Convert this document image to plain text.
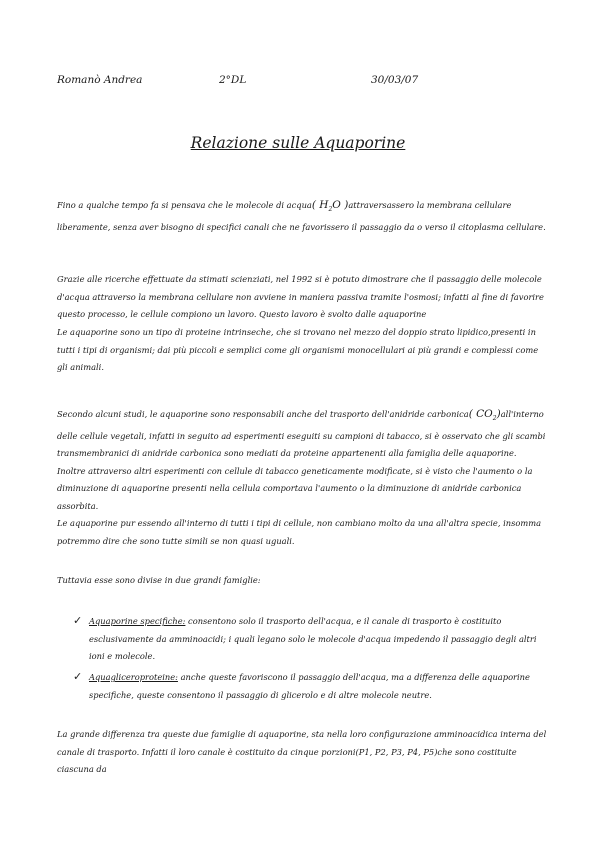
Romanò Andrea	2°DL	30/03/07
Relazione sulle Aquaporine

Fino a qualche tempo fa si pensava che le molecole di acqua( $H_2O$ )attraversassero la membrana cellulare liberamente, senza aver bisogno di specifici canali che ne favorissero il passaggio da o verso il citoplasma cellulare.

Grazie alle ricerche effettuate da stimati scienziati, nel 1992 si è potuto dimostrare che il passaggio delle molecole d'acqua attraverso la membrana cellulare non avviene in maniera passiva tramite l'osmosi; infatti al fine di favorire questo processo, le cellule compiono un lavoro. Questo lavoro è svolto dalle aquaporine

Le aquaporine sono un tipo di proteine intrinseche, che si trovano nel mezzo del doppio strato lipidico,presenti in tutti i tipi di organismi; dai più piccoli e semplici come gli organismi monocellulari ai più grandi e complessi come gli animali.

Secondo alcuni studi, le aquaporine sono responsabili anche del trasporto dell'anidride carbonica( $CO_2)all'interno$ delle cellule vegetali, infatti in seguito ad esperimenti eseguiti su campioni di tabacco, si è osservato che gli scambi transmembranici di anidride carbonica sono mediati da proteine appartenenti alla famiglia delle aquaporine. Inoltre attraverso altri esperimenti con cellule di tabacco geneticamente modificate, si è visto che l'aumento o la diminuzione di aquaporine presenti nella cellula comportava l'aumento o la diminuzione di anidride carbonica assorbita.

Le aquaporine pur essendo all'interno di tutti i tipi di cellule, non cambiano molto da una all'altra specie, insomma potremmo dire che sono tutte simili se non quasi uguali.

Tuttavia esse sono divise in due grandi famiglie:

✓ Aquaporine specifiche: consentono solo il trasporto dell'acqua, e il canale di trasporto è costituito esclusivamente da amminoacidi; i quali legano solo le molecole d'acqua impedendo il passaggio degli altri ioni e molecole.

✓ Aquagliceroproteine: anche queste favoriscono il passaggio dell'acqua, ma a differenza delle aquaporine specifiche, queste consentono il passaggio di glicerolo e di altre molecole neutre.

La grande differenza tra queste due famiglie di aquaporine, sta nella loro configurazione amminoacidica interna del canale di trasporto. Infatti il loro canale è costituito da cinque porzioni(P1, P2, P3, P4, P5)che sono costituite ciascuna da
